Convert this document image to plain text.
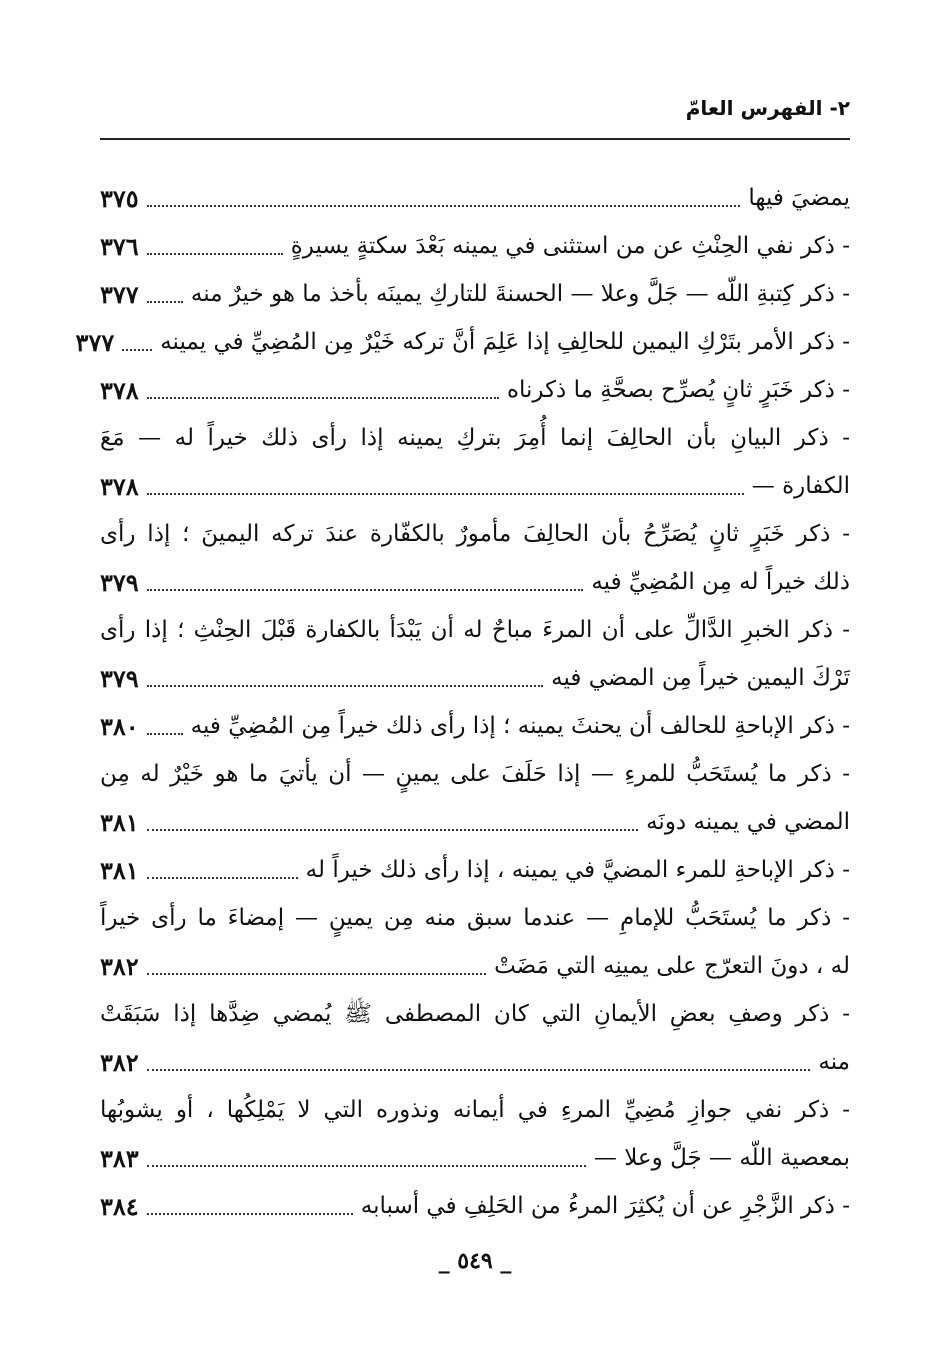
٢- الفهرس العامّ
يمضيَ فيها
٣٧٥
- ذكر نفي الحِنْثِ عن من استثنى في يمينه بَعْدَ سكتةٍ يسيرةٍ
٣٧٦
- ذكر كِتبةِ اللّه — جَلَّ وعلا — الحسنةَ للتاركِ يمينَه بأخذ ما هو خيرٌ منه
٣٧٧
- ذكر الأمر بتَرْكِ اليمين للحالِفِ إذا عَلِمَ أنَّ تركه خَيْرٌ مِن المُضِيِّ في يمينه
٣٧٧
- ذكر خَبَرٍ ثانٍ يُصرِّح بصحَّةِ ما ذكرناه
٣٧٨
- ذكر البيانِ بأن الحالِفَ إنما أُمِرَ بتركِ يمينه إذا رأى ذلك خيراً له — مَعَ
الكفارة —
٣٧٨
- ذكر خَبَرٍ ثانٍ يُصَرِّحُ بأن الحالِفَ مأمورٌ بالكفّارة عندَ تركه اليمينَ ؛ إذا رأى
ذلك خيراً له مِن المُضِيِّ فيه
٣٧٩
- ذكر الخبرِ الدَّالِّ على أن المرءَ مباحٌ له أن يَبْدَأ بالكفارة قَبْلَ الحِنْثِ ؛ إذا رأى
تَرْكَ اليمين خيراً مِن المضي فيه
٣٧٩
- ذكر الإباحةِ للحالف أن يحنثَ يمينه ؛ إذا رأى ذلك خيراً مِن المُضِيِّ فيه
٣٨٠
- ذكر ما يُستَحَبُّ للمرءِ — إذا حَلَفَ على يمينٍ — أن يأتيَ ما هو خَيْرٌ له مِن
المضي في يمينه دونَه
٣٨١
- ذكر الإباحةِ للمرء المضيَّ في يمينه ، إذا رأى ذلك خيراً له
٣٨١
- ذكر ما يُستَحَبُّ للإمامِ — عندما سبق منه مِن يمينٍ — إمضاءَ ما رأى خيراً
له ، دونَ التعرّج على يمينِه التي مَضَتْ
٣٨٢
- ذكر وصفِ بعضِ الأيمانِ التي كان المصطفى ﷺ يُمضي ضِدَّها إذا سَبَقَتْ
منه
٣٨٢
- ذكر نفي جوازِ مُضِيِّ المرءِ في أيمانه ونذوره التي لا يَمْلِكُها ، أو يشوبُها
بمعصية اللّه — جَلَّ وعلا —
٣٨٣
- ذكر الزَّجْرِ عن أن يُكثِرَ المرءُ من الحَلِفِ في أسبابه
٣٨٤
_ ٥٤٩ _
